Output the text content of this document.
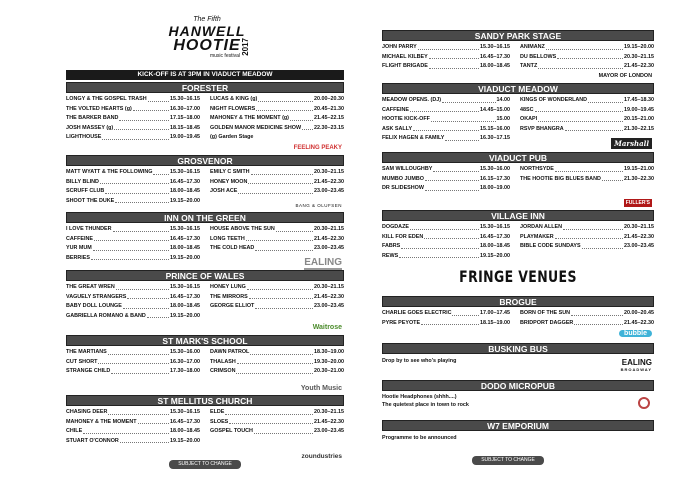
The Fifth
HANWELL
HOOTIE
music festival
2017
KICK-OFF IS AT 3PM IN VIADUCT MEADOW
FORESTER
LONGY & THE GOSPEL TRASH	15.30–16.15
THE VOLTED HEARTS (g)	16.30–17.00
THE BARKER BAND	17.15–18.00
JOSH MASSEY (g)	18.15–18.45
LIGHTHOUSE	19.00–19.45
LUCAS & KING (g)	20.00–20.30
NIGHT FLOWERS	20.45–21.30
MAHONEY & THE MOMENT (g)	21.45–22.15
GOLDEN MANOR MEDICINE SHOW 22.30–23.15
(g) Garden Stage
FEELING PEAKY
GROSVENOR
MATT WYATT & THE FOLLOWING	15.30–16.15
BILLY BLIND	16.45–17.30
SCRUFF CLUB	18.00–18.45
SHOOT THE DUKE	19.15–20.00
EMILY C SMITH	20.30–21.15
HONEY MOON	21.45–22.30
JOSH ACE	23.00–23.45
BANG & OLUFSEN
INN ON THE GREEN
I LOVE THUNDER	15.30–16.15
CAFFEINE	16.45–17.30
YUR MUM	18.00–18.45
BERRIES	19.15–20.00
HOUSE ABOVE THE SUN	20.30–21.15
LONG TEETH	21.45–22.30
THE COLD HEAD	23.00–23.45
EALING
PRINCE OF WALES
THE GREAT WREN	15.30–16.15
VAGUELY STRANGERS	16.45–17.30
BABY DOLL LOUNGE	18.00–18.45
GABRIELLA ROMANO & BAND	19.15–20.00
HONEY LUNG	20.30–21.15
THE MIRRORS	21.45–22.30
GEORGE ELLIOT	23.00–23.45
Waitrose
ST MARK'S SCHOOL
THE MARTIANS	15.30–16.00
CUT SHORT	16.30–17.00
STRANGE CHILD	17.30–18.00
DAWN PATROL	18.30–19.00
THALASH	19.30–20.00
CRIMSON	20.30–21.00
Youth Music
ST MELLITUS CHURCH
CHASING DEER	15.30–16.15
MAHONEY & THE MOMENT	16.45–17.30
CHILE	18.00–18.45
STUART O'CONNOR	19.15–20.00
ELDE	20.30–21.15
SLOES	21.45–22.30
GOSPEL TOUCH	23.00–23.45
zoundustries
SUBJECT TO CHANGE
SANDY PARK STAGE
JOHN PARRY	15.30–16.15
MICHAEL KILBEY	16.45–17.30
FLIGHT BRIGADE	18.00–18.45
ANIMANZ	19.15–20.00
DU BELLOWS	20.30–21.15
TANTZ	21.45–22.30
MAYOR OF LONDON
VIADUCT MEADOW
MEADOW OPENS. (DJ)	14.00
CAFFEINE	14.45–15.00
HOOTIE KICK-OFF	15.00
ASK SALLY	15.15–16.00
FELIX HAGEN & FAMILY	16.30–17.15
KINGS OF WONDERLAND	17.45–18.30
48SC	19.00–19.45
OKAPI	20.15–21.00
RSVP BHANGRA	21.30–22.15
Marshall
VIADUCT PUB
SAM WILLOUGHBY	15.30–16.00
MUMBO JUMBO	16.15–17.30
DR SLIDESHOW	18.00–19.00
NORTHSYDE	19.15–21.00
THE HOOTIE BIG BLUES BAND	21.30–22.30
FULLER'S
VILLAGE INN
DOGDAZE	15.30–16.15
KILL FOR EDEN	16.45–17.30
FABRS	18.00–18.45
REWS	19.15–20.00
JORDAN ALLEN	20.30–21.15
PLAYMAKER	21.45–22.30
BIBLE CODE SUNDAYS	23.00–23.45
BROGUE
CHARLIE GOES ELECTRIC	17.00–17.45
PYRE PEYOTE	18.15–19.00
BORN OF THE SUN	20.00–20.45
BRIDPORT DAGGER	21.45–22.30
bubble
BUSKING BUS
Drop by to see who's playing	EALING
BROADWAY
DODO MICROPUB
Hootie Headphones (shhh....)
The quietest place in town to rock
W7 EMPORIUM
Programme to be announced
FRINGE VENUES
SUBJECT TO CHANGE
